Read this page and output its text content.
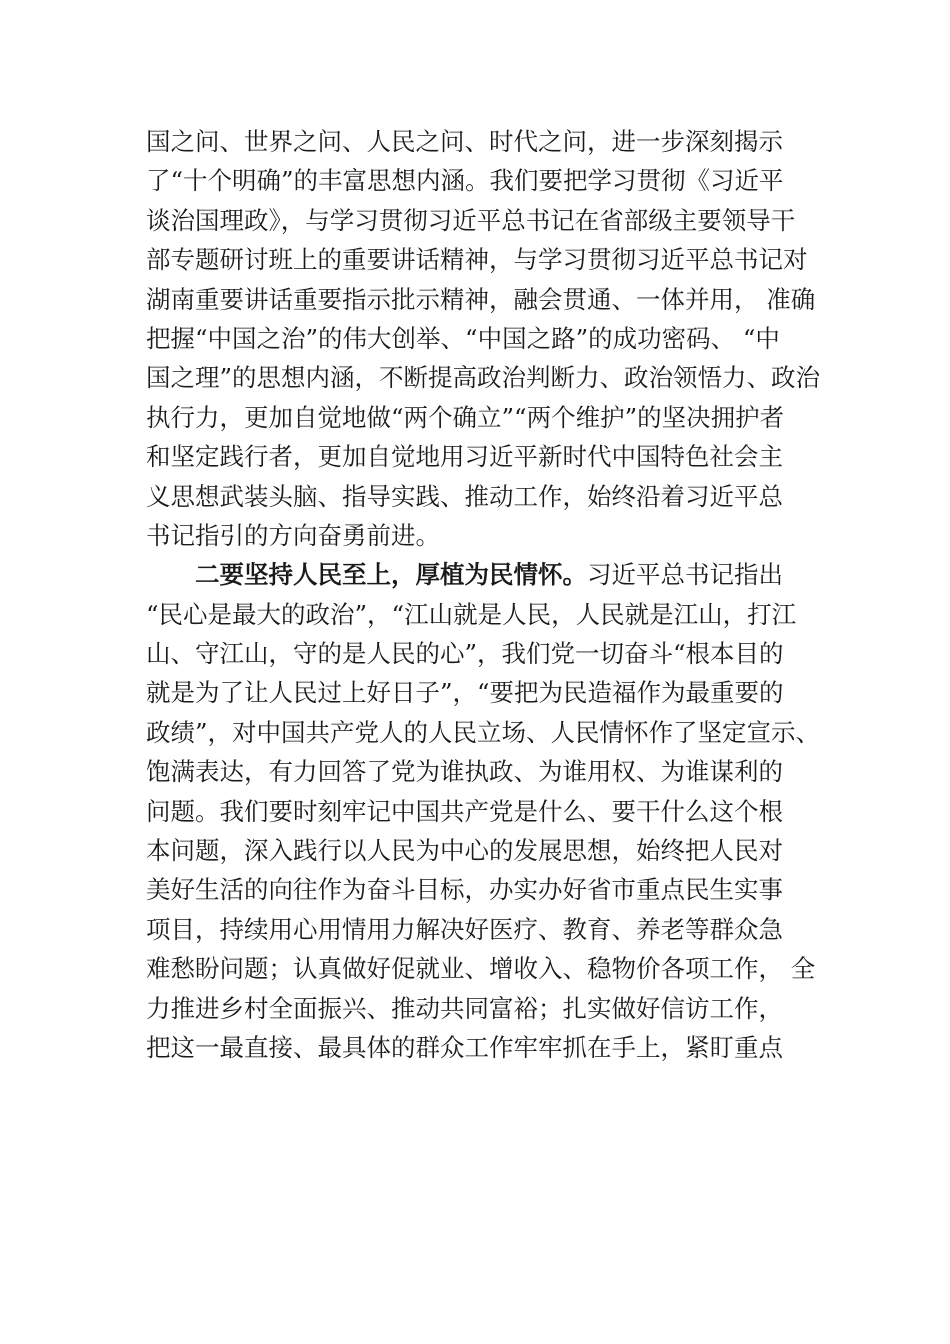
国之问、世界之问、人民之问、时代之问，进一步深刻揭示
了“十个明确”的丰富思想内涵。我们要把学习贯彻《习近平
谈治国理政》，与学习贯彻习近平总书记在省部级主要领导干
部专题研讨班上的重要讲话精神，与学习贯彻习近平总书记对
湖南重要讲话重要指示批示精神，融会贯通、一体并用， 准确
把握“中国之治”的伟大创举、“中国之路”的成功密码、 “中
国之理”的思想内涵，不断提高政治判断力、政治领悟力、政治
执行力，更加自觉地做“两个确立”“两个维护”的坚决拥护者
和坚定践行者，更加自觉地用习近平新时代中国特色社会主
义思想武装头脑、指导实践、推动工作，始终沿着习近平总
书记指引的方向奋勇前进。
二要坚持人民至上，厚植为民情怀。习近平总书记指出
“民心是最大的政治”，“江山就是人民，人民就是江山，打江
山、守江山，守的是人民的心”，我们党一切奋斗“根本目的
就是为了让人民过上好日子”，“要把为民造福作为最重要的
政绩”，对中国共产党人的人民立场、人民情怀作了坚定宣示、
饱满表达，有力回答了党为谁执政、为谁用权、为谁谋利的
问题。我们要时刻牢记中国共产党是什么、要干什么这个根
本问题，深入践行以人民为中心的发展思想，始终把人民对
美好生活的向往作为奋斗目标，办实办好省市重点民生实事
项目，持续用心用情用力解决好医疗、教育、养老等群众急
难愁盼问题；认真做好促就业、增收入、稳物价各项工作， 全
力推进乡村全面振兴、推动共同富裕；扎实做好信访工作，
把这一最直接、最具体的群众工作牢牢抓在手上，紧盯重点
